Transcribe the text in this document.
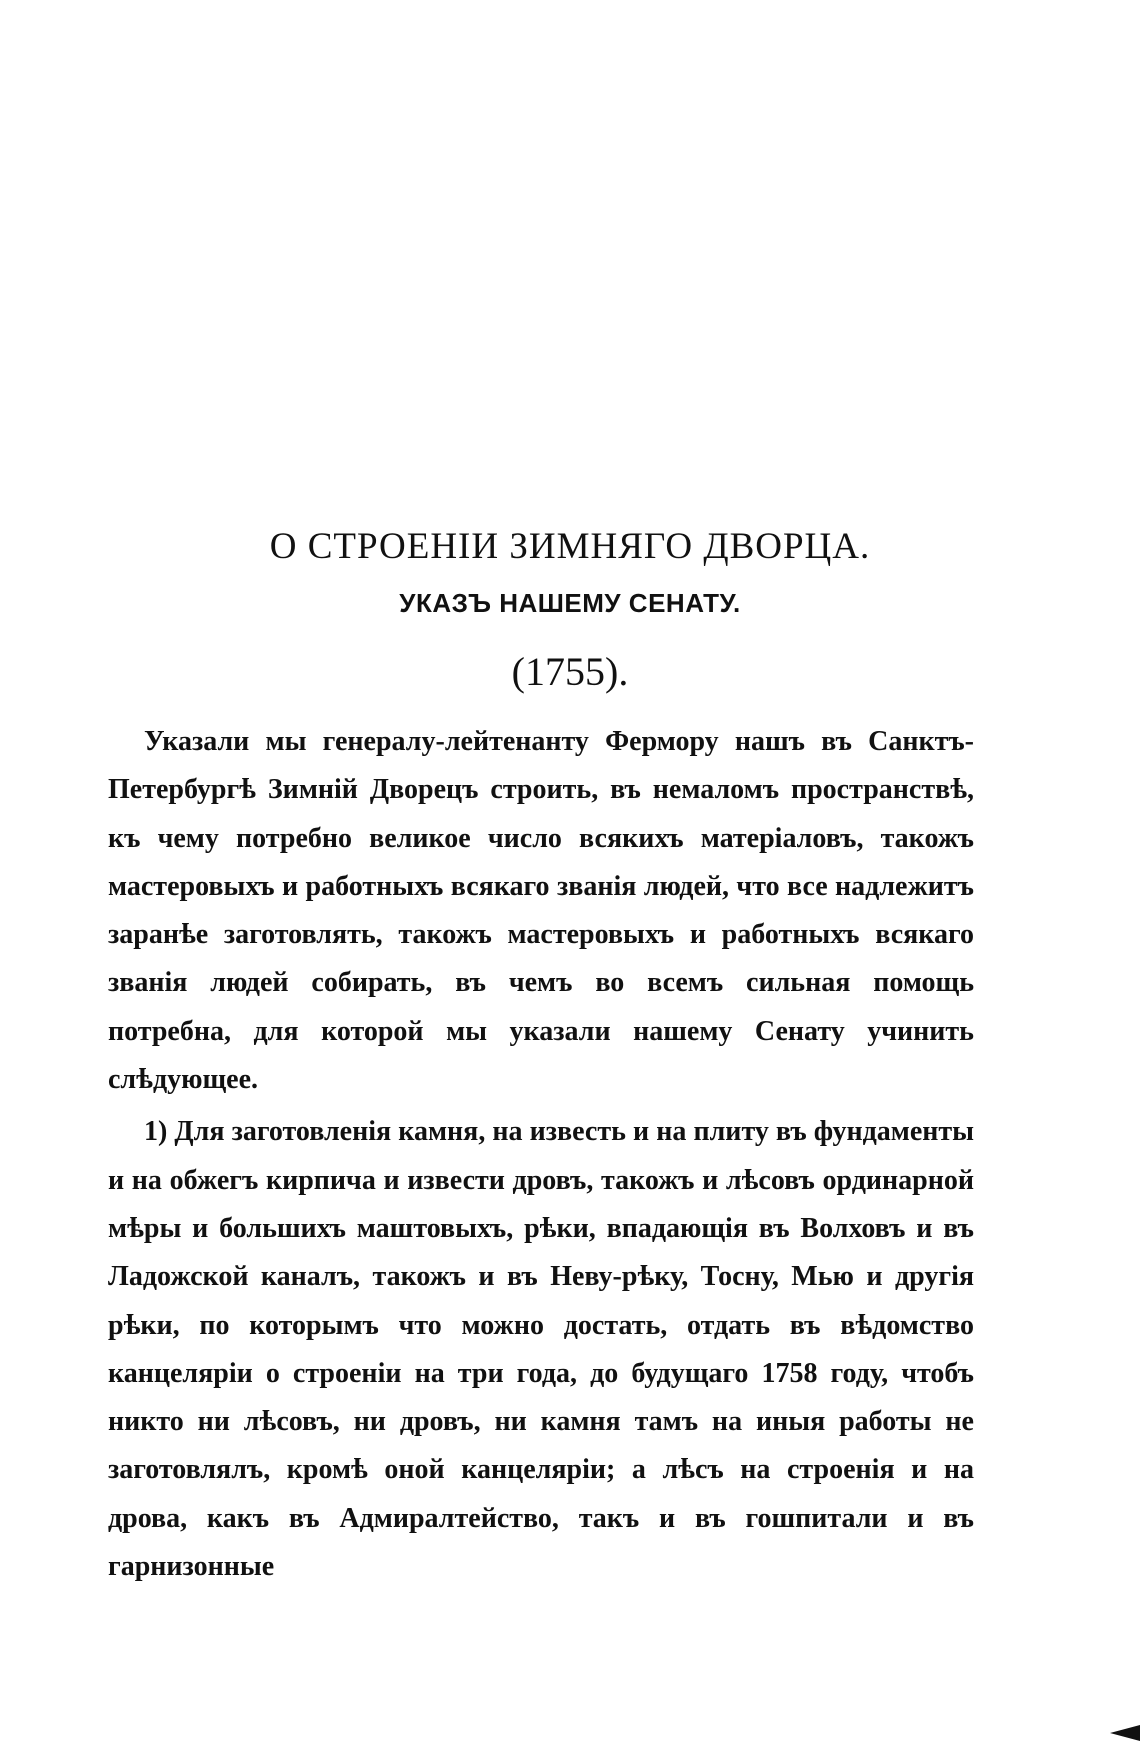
О СТРОЕНІИ ЗИМНЯГО ДВОРЦА.
УКАЗЪ НАШЕМУ СЕНАТУ.
(1755).

Указали мы генералу-лейтенанту Фермору нашъ въ Санктъ-Петербургѣ Зимній Дворецъ строить, въ немаломъ пространствѣ, къ чему потребно великое число всякихъ матеріаловъ, такожъ мастеровыхъ и работныхъ всякаго званія людей, что все надлежитъ заранѣе заготовлять, такожъ мастеровыхъ и работныхъ всякаго званія людей собирать, въ чемъ во всемъ сильная помощь потребна, для которой мы указали нашему Сенату учинить слѣдующее.

1) Для заготовленія камня, на известь и на плиту въ фундаменты и на обжегъ кирпича и извести дровъ, такожъ и лѣсовъ ординарной мѣры и большихъ маштовыхъ, рѣки, впадающія въ Волховъ и въ Ладожской каналъ, такожъ и въ Неву-рѣку, Тосну, Мью и другія рѣки, по которымъ что можно достать, отдать въ вѣдомство канцеляріи о строеніи на три года, до будущаго 1758 году, чтобъ никто ни лѣсовъ, ни дровъ, ни камня тамъ на иныя работы не заготовлялъ, кромѣ оной канцеляріи; а лѣсъ на строенія и на дрова, какъ въ Адмиралтейство, такъ и въ гошпитали и въ гарнизонные
